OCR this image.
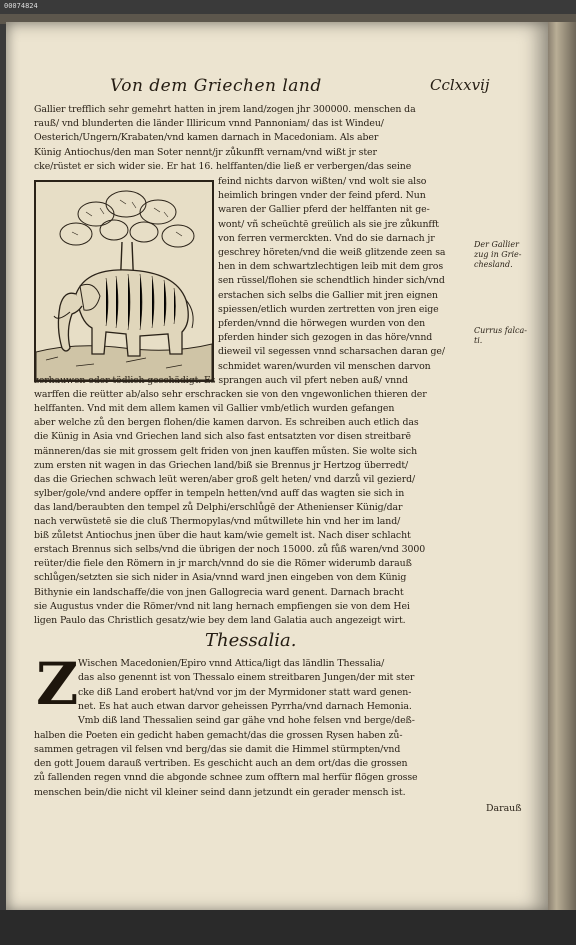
00074824
Von dem Griechen land	Cclxxvij
Gallier trefflich sehr gemehrt hatten in jrem land/zogen jhr 300000. menschen da
rauß/ vnd blunderten die länder Illiricum vnnd Pannoniam/ das ist Windeu/
Oesterich/Ungern/Krabaten/vnd kamen darnach in Macedoniam. Als aber
Künig Antiochus/den man Soter nennt/jr zůkunfft vernam/vnd wißt jr ster
cke/rüstet er sich wider sie. Er hat 16. helffanten/die ließ er verbergen/das seine
feind nichts darvon wißten/ vnd wolt sie also
heimlich bringen vnder der feind pferd. Nun
waren der Gallier pferd der helffanten nit ge-
wont/ vñ scheüchtē greülich als sie jre zůkunfft
von ferren vermerckten. Vnd do sie darnach jr
geschrey höreten/vnd die weiß glitzende zeen sa
hen in dem schwartzlechtigen leib mit dem gros
sen rüssel/flohen sie schendtlich hinder sich/vnd
erstachen sich selbs die Gallier mit jren eignen
spiessen/etlich wurden zertretten von jren eige
pferden/vnnd die hörwegen wurden von den
pferden hinder sich gezogen in das höre/vnnd
dieweil vil segessen vnnd scharsachen daran ge/
schmidet waren/wurden vil menschen darvon
Der Gallier
zug in Grie-
chesland.
Currus falca-
ti.
zerhauwen oder tödlich geschädigt. Es sprangen auch vil pfert neben auß/ vnnd
warffen die reütter ab/also sehr erschracken sie von den vngewonlichen thieren der
helffanten. Vnd mit dem allem kamen vil Gallier vmb/etlich wurden gefangen
aber welche zů den bergen flohen/die kamen darvon. Es schreiben auch etlich das
die Künig in Asia vnd Griechen land sich also fast entsatzten vor disen streitbarē
männeren/das sie mit grossem gelt friden von jnen kauffen műsten. Sie wolte sich
zum ersten nit wagen in das Griechen land/biß sie Brennus jr Hertzog überredt/
das die Griechen schwach leüt weren/aber groß gelt heten/ vnd darzů vil gezierd/
sylber/gole/vnd andere opffer in tempeln hetten/vnd auff das wagten sie sich in
das land/beraubten den tempel zů Delphi/erschlůgē der Athenienser Künig/dar
nach verwüstetē sie die cluß Thermopylas/vnd műtwillete hin vnd her im land/
biß zůletst Antiochus jnen über die haut kam/wie gemelt ist. Nach diser schlacht
erstach Brennus sich selbs/vnd die übrigen der noch 15000. zů fůß waren/vnd 3000
reüter/die fiele den Römern in jr march/vnnd do sie die Römer widerumb darauß
schlůgen/setzten sie sich nider in Asia/vnnd ward jnen eingeben von dem Künig
Bithynie ein landschaffe/die von jnen Gallogrecia ward genent. Darnach bracht
sie Augustus vnder die Römer/vnd nit lang hernach empfiengen sie von dem Hei
ligen Paulo das Christlich gesatz/wie bey dem land Galatia auch angezeigt wirt.
Thessalia.
Z Wischen Macedonien/Epiro vnnd Attica/ligt das ländlin Thessalia/
das also genennt ist von Thessalo einem streitbaren Jungen/der mit ster
cke diß Land erobert hat/vnd vor jm der Myrmidoner statt ward genen-
net. Es hat auch etwan darvor geheissen Pyrrha/vnd darnach Hemonia.
Vmb diß land Thessalien seind gar gähe vnd hohe felsen vnd berge/deß-
halben die Poeten ein gedicht haben gemacht/das die grossen Rysen haben zů-
sammen getragen vil felsen vnd berg/das sie damit die Himmel stürmpten/vnd
den gott Jouem darauß vertriben. Es geschicht auch an dem ort/das die grossen
zů fallenden regen vnnd die abgonde schnee zum offtern mal herfür flögen grosse
menschen bein/die nicht vil kleiner seind dann jetzundt ein gerader mensch ist.
Darauß
